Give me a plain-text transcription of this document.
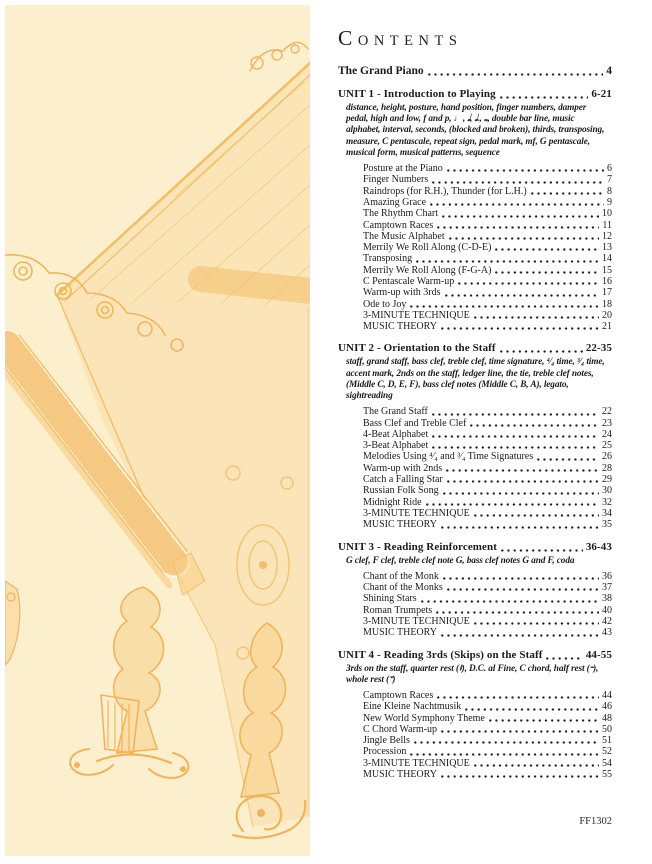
CONTENTS
The Grand Piano	4
UNIT 1 - Introduction to Playing	6-21

distance, height, posture, hand position, finger numbers, damper pedal, high and low, f and p, ♩, 𝅗𝅥, 𝅗𝅥., 𝅝, double bar line, music alphabet, interval, seconds, (blocked and broken), thirds, transposing, measure, C pentascale, repeat sign, pedal mark, mf, G pentascale, musical form, musical patterns, sequence

Posture at the Piano	6
Finger Numbers	7
Raindrops (for R.H.), Thunder (for L.H.)	8
Amazing Grace	9
The Rhythm Chart	10
Camptown Races	11
The Music Alphabet	12
Merrily We Roll Along (C-D-E)	13
Transposing	14
Merrily We Roll Along (F-G-A)	15
C Pentascale Warm-up	16
Warm-up with 3rds	17
Ode to Joy	18
3-MINUTE TECHNIQUE	20
MUSIC THEORY	21
UNIT 2 - Orientation to the Staff	22-35

staff, grand staff, bass clef, treble clef, time signature, ⁴⁄₄ time, ³⁄₄ time, accent mark, 2nds on the staff, ledger line, the tie, treble clef notes, (Middle C, D, E, F), bass clef notes (Middle C, B, A), legato, sightreading

The Grand Staff	22
Bass Clef and Treble Clef	23
4-Beat Alphabet	24
3-Beat Alphabet	25
Melodies Using ⁴⁄₄ and ³⁄₄ Time Signatures	26
Warm-up with 2nds	28
Catch a Falling Star	29
Russian Folk Song	30
Midnight Ride	32
3-MINUTE TECHNIQUE	34
MUSIC THEORY	35
UNIT 3 - Reading Reinforcement	36-43

G clef, F clef, treble clef note G, bass clef notes G and F, coda

Chant of the Monk	36
Chant of the Monks	37
Shining Stars	38
Roman Trumpets	40
3-MINUTE TECHNIQUE	42
MUSIC THEORY	43
UNIT 4 - Reading 3rds (Skips) on the Staff	44-55

3rds on the staff, quarter rest (𝄽), D.C. al Fine, C chord, half rest (𝄼), whole rest (𝄻)

Camptown Races	44
Eine Kleine Nachtmusik	46
New World Symphony Theme	48
C Chord Warm-up	50
Jingle Bells	51
Procession	52
3-MINUTE TECHNIQUE	54
MUSIC THEORY	55
FF1302
